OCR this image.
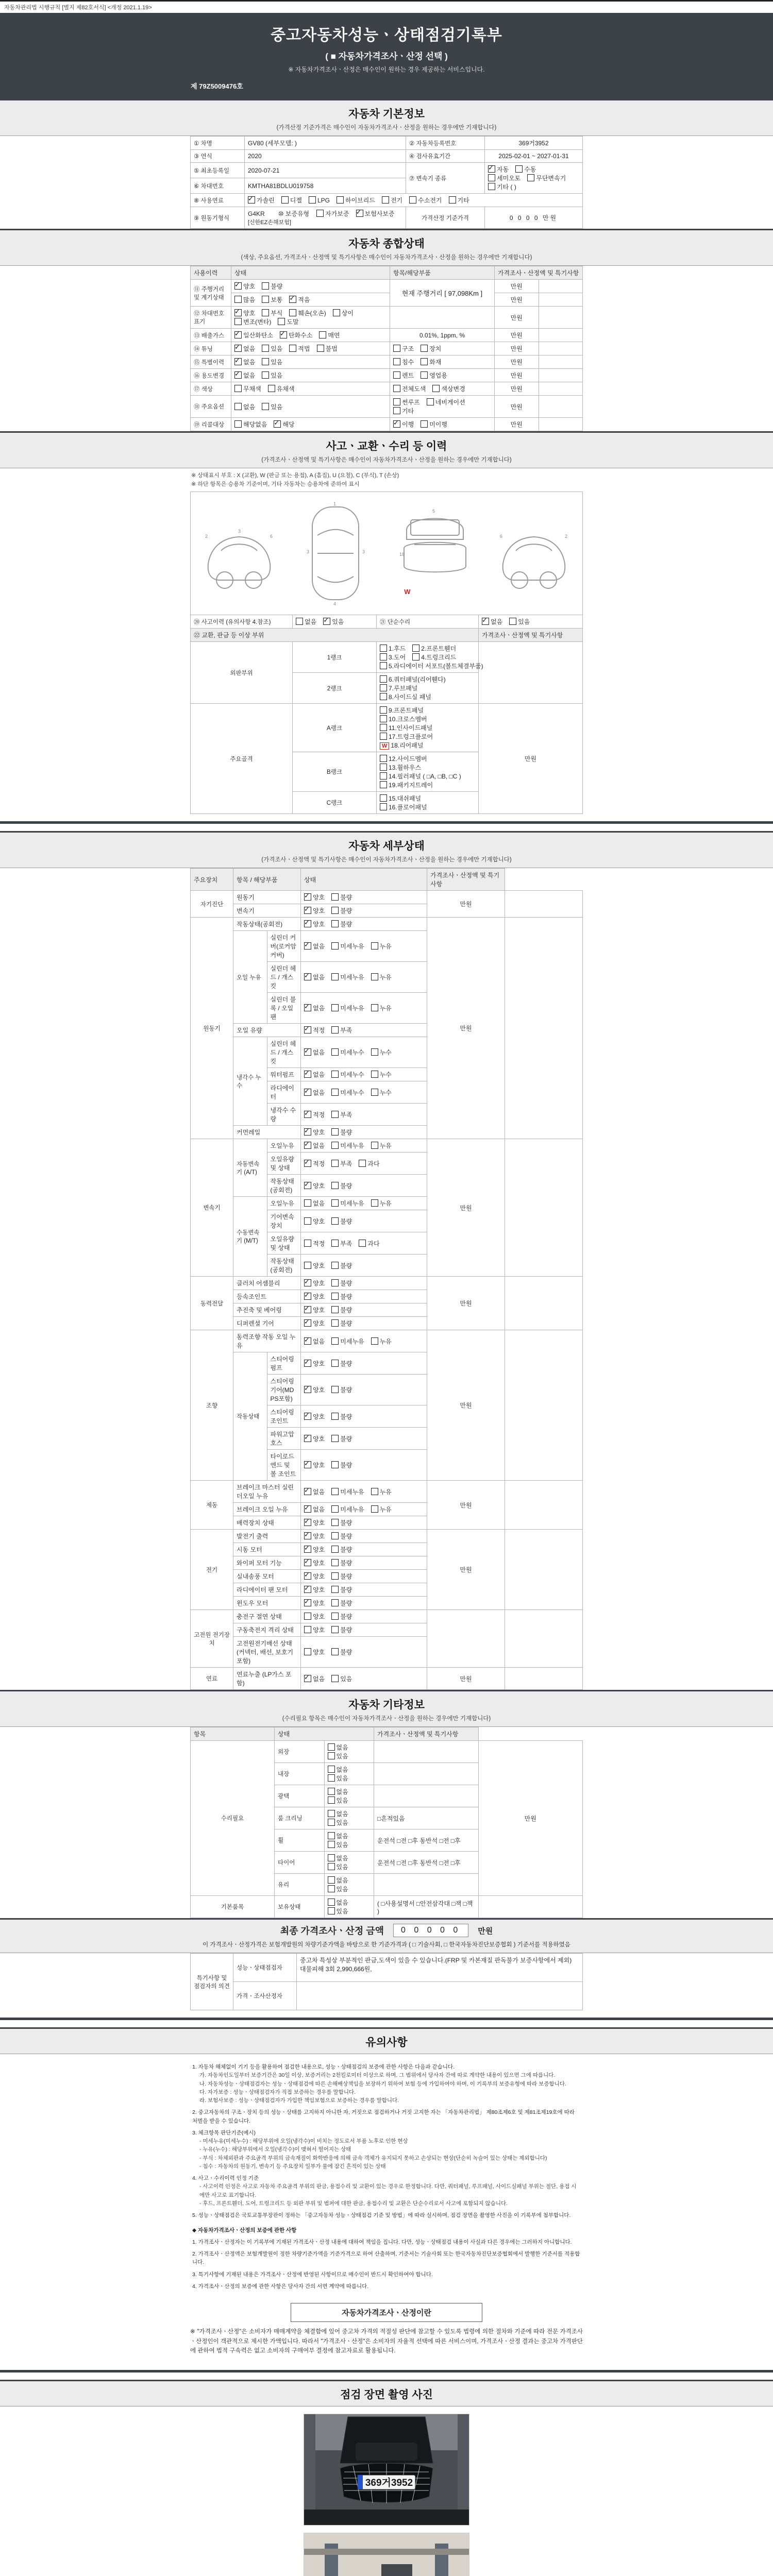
자동차관리법 시행규칙 [별지 제82호서식] <개정 2021.1.19>
중고자동차성능ㆍ상태점검기록부
( ■ 자동차가격조사ㆍ산정 선택 )
※ 자동차가격조사ㆍ산정은 매수인이 원하는 경우 제공하는 서비스입니다.
제 79Z5009476호
자동차 기본정보
(가격산정 기준가격은 매수인이 자동차가격조사ㆍ산정을 원하는 경우에만 기재합니다)
① 차명	GV80 (세부모델: )	② 자동차등록번호	369거3952
③ 연식	2020	④ 검사유효기간	2025-02-01 ~ 2027-01-31
⑤ 최초등록일	2020-07-21	⑦ 변속기 종류	✓자동 수동세미오토 무단변속기기타 ( )
⑥ 차대번호	KMTHA81BDLU019758		
⑧ 사용연료	✓가솔린 디젤 LPG 하이브리드 전기 수소전기 기타
⑨ 원동기형식	G4KR ⑩ 보증유형 자가보증 ✓ 보험사보증[신한EZ손해보험]	가격산정 기준가격	0 0 0 0 만원
자동차 종합상태
(색상, 주요옵션, 가격조사ㆍ산정액 및 특기사항은 매수인이 자동차가격조사ㆍ산정을 원하는 경우에만 기재합니다)
사용이력	상태	항목/해당부품	가격조사ㆍ산정액 및 특기사항	
⑪ 주행거리 및 계기상태	✓양호 불량	현재 주행거리 [ 97,098Km ]	만원	
	많음 보통 ✓ 적음		만원	
⑫ 차대번호 표기	✓양호 부식 훼손(오손) 상이변조(변타) 도말		만원	
⑬ 배출가스	✓일산화탄소 ✓ 탄화수소 매연	0.01%, 1ppm, %	만원	
⑭ 튜닝	✓없음 있음 적법 불법	구조 장치	만원	
⑮ 특별이력	✓없음 있음	침수 화재	만원	
⑯ 용도변경	✓없음 있음	렌트 영업용	만원	
⑰ 색상	무채색 유채색	전체도색 색상변경	만원	
⑱ 주요옵션	없음 있음	썬루프 네비게이션기타	만원	
⑲ 리콜대상	해당없음 ✓ 해당	✓이행 미이행	만원	
사고ㆍ교환ㆍ수리 등 이력
(가격조사ㆍ산정액 및 특기사항은 매수인이 자동차가격조사ㆍ산정을 원하는 경우에만 기재합니다)
※ 상태표시 부호 : X (교환), W (판금 또는 용접), A (흠집), U (요철), C (부식), T (손상)
※ 하단 항목은 승용차 기준이며, 기타 자동차는 승용차에 준하여 표시
2	6
3
1
4
3	3
5
18
6	2
W
⑳ 사고이력 (유의사항 4.참조)	없음 ✓ 있음	㉑ 단순수리	✓없음 있음
㉒ 교환, 판금 등 이상 부위			가격조사ㆍ산정액 및 특기사항
외판부위	1랭크	1.후드 2.프론트휀더3.도어 4.트렁크리드5.라디에이터 서포트(볼트체결부품)	
	2랭크	6.쿼터패널(리어휀다)7.루브패널8.사이드실 패널	
주요골격	A랭크	9.프론트패널10.크로스멤버11.인사이드패널17.트렁크플로어W 18.리어패널	만원
	B랭크	12.사이드멤버13.휠하우스14.필러패널 ( □A, □B, □C )19.패키지트레이	
	C랭크	15.대쉬패널16.플로어패널	
자동차 세부상태
(가격조사ㆍ산정액 및 특기사항은 매수인이 자동차가격조사ㆍ산정을 원하는 경우에만 기재합니다)
주요장치	항목 / 해당부품		상태	가격조사ㆍ산정액 및 특기사항	
자기진단	원동기	✓양호 불량	만원	
	변속기	✓양호 불량
원동기	작동상태(공회전)	✓양호 불량	만원	
	오일 누유	실린더 커버(로커암 커버)	✓없음 미세누유 누유
		실린더 헤드 / 개스킷	✓없음 미세누유 누유
		실린더 블록 / 오일팬	✓없음 미세누유 누유
	오일 유량	✓적정 부족
	냉각수 누수	실린더 헤드 / 개스킷	✓없음 미세누수 누수
		워터펌프	✓없음 미세누수 누수
		라디에이터	✓없음 미세누수 누수
		냉각수 수량	✓적정 부족
	커먼레일	✓양호 불량
변속기	자동변속기 (A/T)	오일누유	✓없음 미세누유 누유	만원	
		오일유량 및 상태	✓적정 부족 과다
		작동상태(공회전)	✓양호 불량
	수동변속기 (M/T)	오일누유	없음 미세누유 누유		
		기어변속장치	양호 불량		
		오일유량 및 상태	적정 부족 과다		
		작동상태(공회전)	양호 불량		
동력전달	클러치 어셈블리	✓양호 불량	만원	
	등속조인트	✓양호 불량
	추진축 및 베어링	✓양호 불량
	디퍼렌셜 기어	✓양호 불량
조향	동력조향 작동 오일 누유	✓없음 미세누유 누유	만원	
	작동상태	스티어링 펌프	✓양호 불량
		스티어링 기어(MDPS포함)	✓양호 불량
		스티어링조인트	✓양호 불량
		파워고압호스	✓양호 불량
		타이로드엔드 및 볼 조인트	✓양호 불량
제동	브레이크 마스터 실린더오일 누유	✓없음 미세누유 누유	만원	
	브레이크 오일 누유	✓없음 미세누유 누유
	배력장치 상태	✓양호 불량
전기	발전기 출력	✓양호 불량	만원	
	시동 모터	✓양호 불량
	와이퍼 모터 기능	✓양호 불량
	실내송풍 모터	✓양호 불량
	라디에이터 팬 모터	✓양호 불량
	윈도우 모터	✓양호 불량
고전원 전기장치	충전구 절연 상태		양호 불량		
	구동축전지 격리 상태		양호 불량		
	고전원전기배선 상태 (커넥터, 배선, 보호기 포함)		양호 불량		
연료	연료누출 (LP가스 포함)	✓없음 있음	만원	
자동차 기타정보
(수리필요 항목은 매수인이 자동차가격조사ㆍ산정을 원하는 경우에만 기재합니다)
항목	상태		가격조사ㆍ산정액 및 특기사항	
수리필요	외장	없음있음		만원
	내장	없음있음		
	광택	없음있음		
	룸 크리닝	없음있음	□흔적있음	
	휠	없음있음	운전석 □전 □후 동반석 □전 □후	
	타이어	없음있음	운전석 □전 □후 동반석 □전 □후	
	유리	없음있음		
기본품목	보유상태	없음있음	( □사용설명서 □안전삼각대 □잭 □잭 )	
최종 가격조사ㆍ산정 금액	0 0 0 0 0	만원
이 가격조사ㆍ산정가격은 보험개발원의 차량기준가액을 바탕으로 한 기준가격과 ( □ 기술사회, □ 한국자동차진단보증협회 ) 기준서를 적용하였음
특기사항 및 점검자의 의견	성능ㆍ상태점검자	중고차 특성상 부분적인 판금,도색이 있을 수 있습니다.(FRP 및 카본재질 판독불가 보증사항에서 제외) 대물피해 3회 2,990,666원,
	가격ㆍ조사산정자	
유의사항
1. 자동차 해체없이 기기 등을 활용하여 점검한 내용으로, 성능ㆍ상태점검의 보증에 관한 사항은 다음과 같습니다.
가. 자동차인도일부터 보증기간은 30일 이상, 보증거리는 2천킬로미터 이상으로 하며, 그 범위에서 당사자 간에 따로 계약한 내용이 있으면 그에 따릅니다.
나. 자동차성능ㆍ상태점검자는 성능ㆍ상태점검에 따른 손해배상책임을 보장하기 위하여 보험 등에 가입하여야 하며, 이 기록부의 보증유형에 따라 보증합니다.
다. 자가보증 : 성능ㆍ상태점검자가 직접 보증하는 경우를 말합니다.
라. 보험사보증 : 성능ㆍ상태점검자가 가입한 책임보험으로 보증하는 경우를 말합니다.
2. 중고자동차의 구조ㆍ장치 등의 성능ㆍ상태를 고지하지 아니한 자, 거짓으로 점검하거나 거짓 고지한 자는 「자동차관리법」 제80조제6호 및 제81조제19호에 따라 처벌을 받을 수 있습니다.
3. 체크항목 판단기준(예시)
- 미세누유(미세누수) : 해당부위에 오일(냉각수)이 비치는 정도로서 부품 노후로 인한 현상
- 누유(누수) : 해당부위에서 오일(냉각수)이 맺혀서 떨어지는 상태
- 부식 : 차체외판과 주요골격 부위의 금속재질이 화학반응에 의해 금속 객체가 유지되지 못하고 손상되는 현상(단순히 녹슬어 있는 상태는 제외합니다)
- 침수 : 자동차의 원동기, 변속기 등 주요장치 일부가 물에 잠긴 흔적이 있는 상태
4. 사고ㆍ수리이력 인정 기준
- 사고이력 인정은 사고로 자동차 주요골격 부위의 판금, 용접수리 및 교환이 있는 경우로 한정합니다. 다만, 쿼터패널, 루프패널, 사이드실패널 부위는 절단, 용접 시에만 사고로 표기합니다.
- 후드, 프론트휀더, 도어, 트렁크리드 등 외판 부위 및 범퍼에 대한 판금, 용접수리 및 교환은 단순수리로서 사고에 포함되지 않습니다.
5. 성능ㆍ상태점검은 국토교통부장관이 정하는 「중고자동차 성능ㆍ상태점검 기준 및 방법」에 따라 실시하며, 점검 장면을 촬영한 사진을 이 기록부에 첨부합니다.
◆ 자동차가격조사ㆍ산정의 보증에 관한 사항
1. 가격조사ㆍ산정자는 이 기록부에 기재된 가격조사ㆍ산정 내용에 대하여 책임을 집니다. 다만, 성능ㆍ상태점검 내용이 사실과 다른 경우에는 그러하지 아니합니다.
2. 가격조사ㆍ산정액은 보험개발원이 정한 차량기준가액을 기준가격으로 하여 산출하며, 기준서는 기술사회 또는 한국자동차진단보증협회에서 발행한 기준서를 적용합니다.
3. 특기사항에 기재된 내용은 가격조사ㆍ산정에 반영된 사항이므로 매수인이 반드시 확인하여야 합니다.
4. 가격조사ㆍ산정의 보증에 관한 사항은 당사자 간의 서면 계약에 따릅니다.
자동차가격조사ㆍ산정이란
※ "가격조사ㆍ산정"은 소비자가 매매계약을 체결함에 있어 중고차 가격의 적절성 판단에 참고할 수 있도록 법령에 의한 절차와 기준에 따라 전문 가격조사ㆍ산정인이 객관적으로 제시한 가액입니다. 따라서 "가격조사ㆍ산정"은 소비자의 자율적 선택에 따른 서비스이며, 가격조사ㆍ산정 결과는 중고차 가격판단에 관하여 법적 구속력은 없고 소비자의 구매여부 결정에 참고자료로 활용됩니다.
점검 장면 촬영 사진
369거3952
